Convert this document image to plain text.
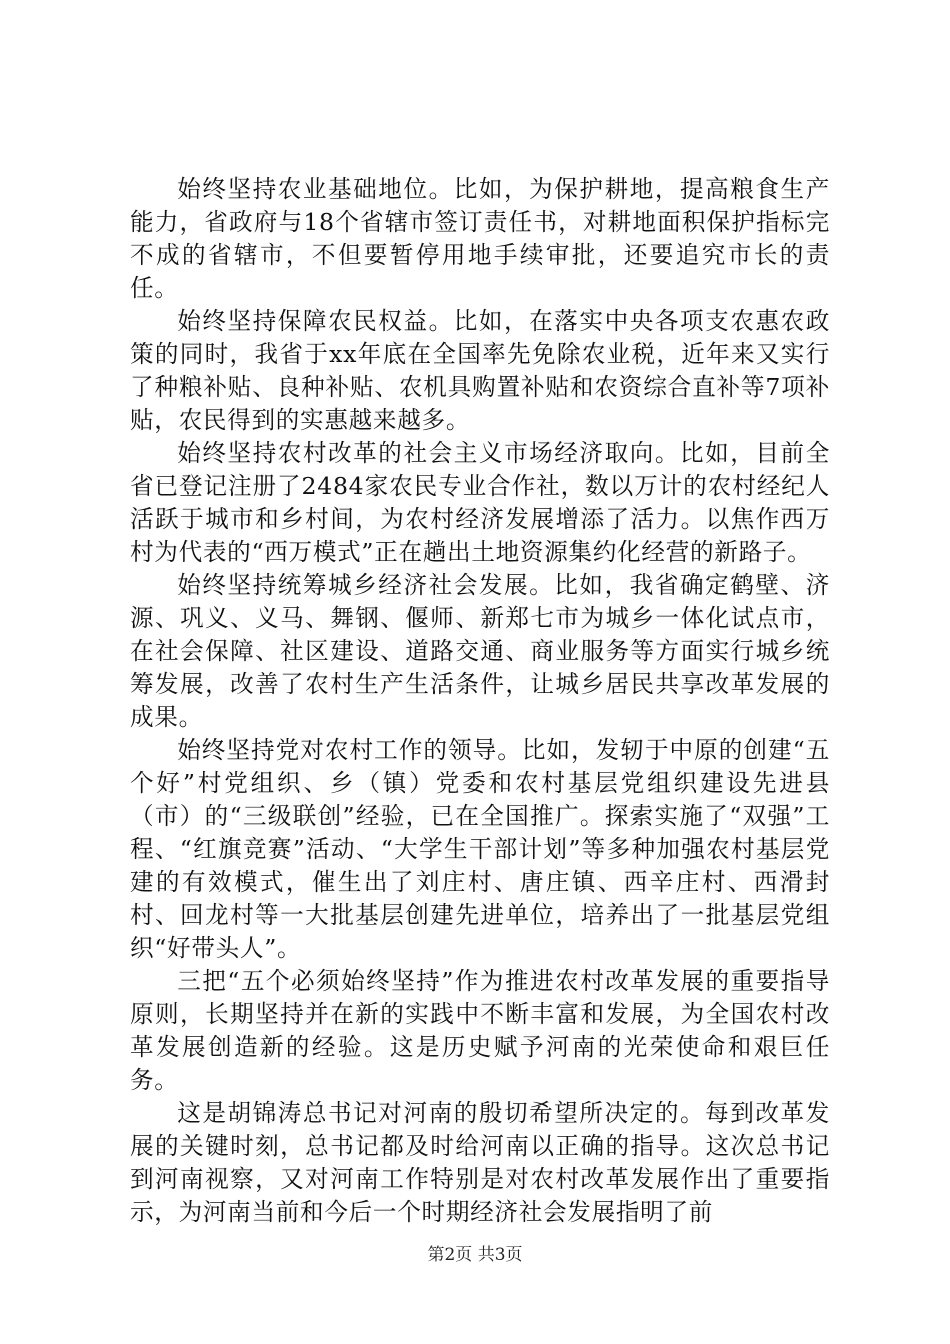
始终坚持农业基础地位。比如，为保护耕地，提高粮食生产能力，省政府与18个省辖市签订责任书，对耕地面积保护指标完不成的省辖市，不但要暂停用地手续审批，还要追究市长的责任。

始终坚持保障农民权益。比如，在落实中央各项支农惠农政策的同时，我省于xx年底在全国率先免除农业税，近年来又实行了种粮补贴、良种补贴、农机具购置补贴和农资综合直补等7项补贴，农民得到的实惠越来越多。

始终坚持农村改革的社会主义市场经济取向。比如，目前全省已登记注册了2484家农民专业合作社，数以万计的农村经纪人活跃于城市和乡村间，为农村经济发展增添了活力。以焦作西万村为代表的“西万模式”正在趟出土地资源集约化经营的新路子。

始终坚持统筹城乡经济社会发展。比如，我省确定鹤壁、济源、巩义、义马、舞钢、偃师、新郑七市为城乡一体化试点市，在社会保障、社区建设、道路交通、商业服务等方面实行城乡统筹发展，改善了农村生产生活条件，让城乡居民共享改革发展的成果。

始终坚持党对农村工作的领导。比如，发轫于中原的创建“五个好”村党组织、乡（镇）党委和农村基层党组织建设先进县（市）的“三级联创”经验，已在全国推广。探索实施了“双强”工程、“红旗竞赛”活动、“大学生干部计划”等多种加强农村基层党建的有效模式，催生出了刘庄村、唐庄镇、西辛庄村、西滑封村、回龙村等一大批基层创建先进单位，培养出了一批基层党组织“好带头人”。

三把“五个必须始终坚持”作为推进农村改革发展的重要指导原则，长期坚持并在新的实践中不断丰富和发展，为全国农村改革发展创造新的经验。这是历史赋予河南的光荣使命和艰巨任务。

这是胡锦涛总书记对河南的殷切希望所决定的。每到改革发展的关键时刻，总书记都及时给河南以正确的指导。这次总书记到河南视察，又对河南工作特别是对农村改革发展作出了重要指示，为河南当前和今后一个时期经济社会发展指明了前

第2页 共3页
